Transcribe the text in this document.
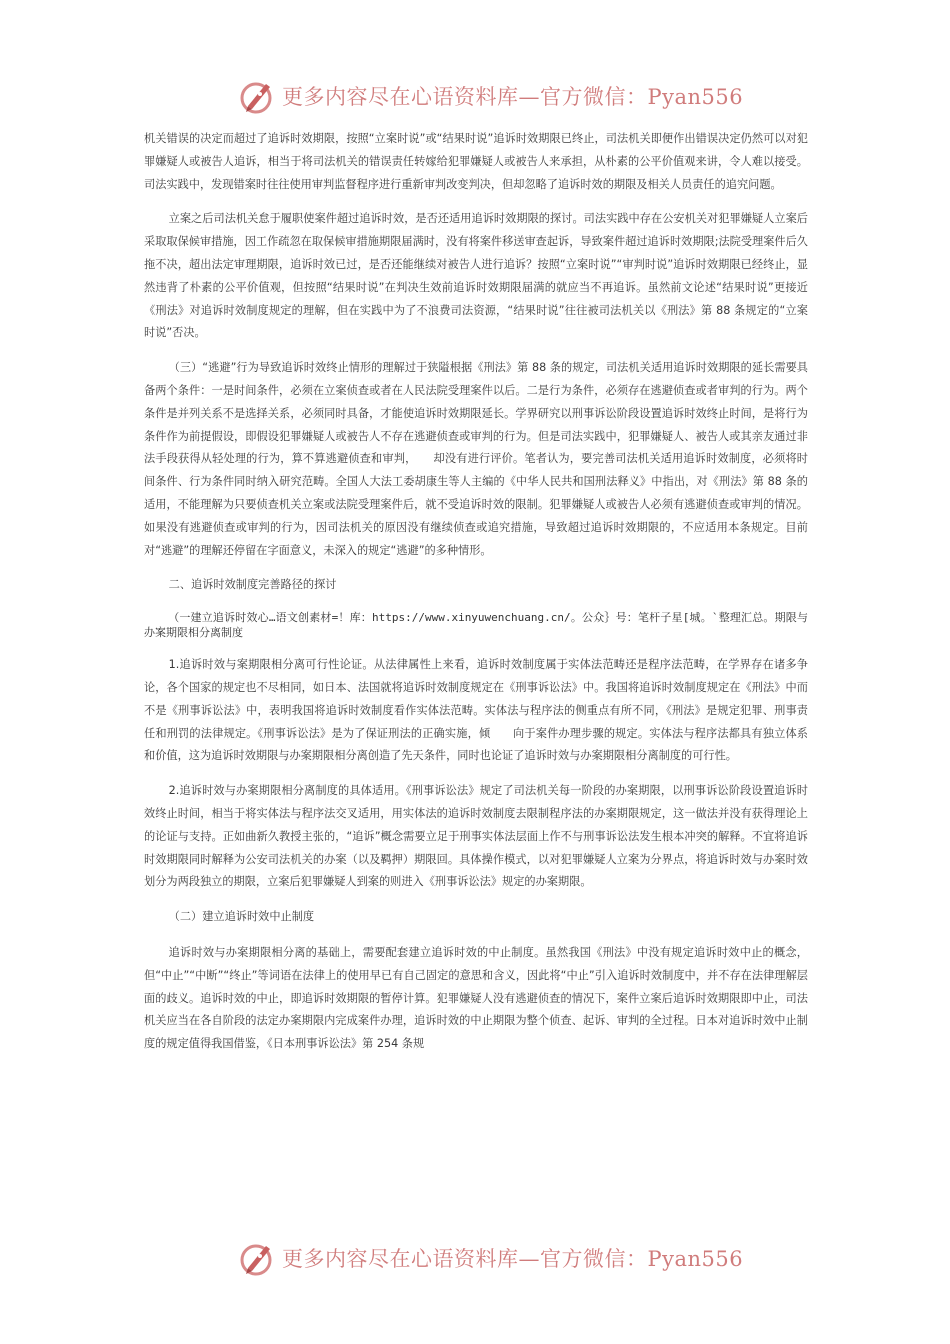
更多内容尽在心语资料库—官方微信：Pyan556

机关错误的决定而超过了追诉时效期限，按照“立案时说”或“结果时说”追诉时效期限已终止，司法机关即便作出错误决定仍然可以对犯罪嫌疑人或被告人追诉，相当于将司法机关的错误责任转嫁给犯罪嫌疑人或被告人来承担，从朴素的公平价值观来讲，令人难以接受。司法实践中，发现错案时往往使用审判监督程序进行重新审判改变判决，但却忽略了追诉时效的期限及相关人员责任的追究问题。

立案之后司法机关怠于履职使案件超过追诉时效，是否还适用追诉时效期限的探讨。司法实践中存在公安机关对犯罪嫌疑人立案后采取取保候审措施，因工作疏忽在取保候审措施期限届满时，没有将案件移送审查起诉，导致案件超过追诉时效期限;法院受理案件后久拖不决，超出法定审理期限，追诉时效已过，是否还能继续对被告人进行追诉？按照“立案时说”“审判时说”追诉时效期限已经终止，显然违背了朴素的公平价值观，但按照“结果时说”在判决生效前追诉时效期限届满的就应当不再追诉。虽然前文论述“结果时说”更接近《刑法》对追诉时效制度规定的理解，但在实践中为了不浪费司法资源，“结果时说”往往被司法机关以《刑法》第 88 条规定的“立案时说”否决。

（三）“逃避”行为导致追诉时效终止情形的理解过于狭隘根据《刑法》第 88 条的规定，司法机关适用追诉时效期限的延长需要具备两个条件：一是时间条件，必须在立案侦查或者在人民法院受理案件以后。二是行为条件，必须存在逃避侦查或者审判的行为。两个条件是并列关系不是选择关系，必须同时具备，才能使追诉时效期限延长。学界研究以刑事诉讼阶段设置追诉时效终止时间，是将行为条件作为前提假设，即假设犯罪嫌疑人或被告人不存在逃避侦查或审判的行为。但是司法实践中，犯罪嫌疑人、被告人或其亲友通过非法手段获得从轻处理的行为，算不算逃避侦查和审判，　　却没有进行评价。笔者认为，要完善司法机关适用追诉时效制度，必须将时间条件、行为条件同时纳入研究范畴。全国人大法工委胡康生等人主编的《中华人民共和国刑法释义》中指出，对《刑法》第 88 条的适用，不能理解为只要侦查机关立案或法院受理案件后，就不受追诉时效的限制。犯罪嫌疑人或被告人必须有逃避侦查或审判的情况。如果没有逃避侦查或审判的行为，因司法机关的原因没有继续侦查或追究措施，导致超过追诉时效期限的，不应适用本条规定。目前对“逃避”的理解还停留在字面意义，未深入的规定“逃避”的多种情形。

二、追诉时效制度完善路径的探讨

（一建立追诉时效心…语文创素材=！库：https://www.xinyuwenchuang.cn/。公众｝号：笔杆子星[城。`整理汇总。期限与办案期限相分离制度

1.追诉时效与案期限相分离可行性论证。从法律属性上来看，追诉时效制度属于实体法范畴还是程序法范畴，在学界存在诸多争论，各个国家的规定也不尽相同，如日本、法国就将追诉时效制度规定在《刑事诉讼法》中。我国将追诉时效制度规定在《刑法》中而不是《刑事诉讼法》中，表明我国将追诉时效制度看作实体法范畴。实体法与程序法的侧重点有所不同，《刑法》是规定犯罪、刑事责任和刑罚的法律规定。《刑事诉讼法》是为了保证刑法的正确实施，倾　　向于案件办理步骤的规定。实体法与程序法都具有独立体系和价值，这为追诉时效期限与办案期限相分离创造了先天条件，同时也论证了追诉时效与办案期限相分离制度的可行性。

2.追诉时效与办案期限相分离制度的具体适用。《刑事诉讼法》规定了司法机关每一阶段的办案期限，以刑事诉讼阶段设置追诉时效终止时间，相当于将实体法与程序法交叉适用，用实体法的追诉时效制度去限制程序法的办案期限规定，这一做法并没有获得理论上的论证与支持。正如曲新久教授主张的，“追诉”概念需要立足于刑事实体法层面上作不与刑事诉讼法发生根本冲突的解释。不宜将追诉时效期限同时解释为公安司法机关的办案（以及羁押）期限回。具体操作模式，以对犯罪嫌疑人立案为分界点，将追诉时效与办案时效划分为两段独立的期限，立案后犯罪嫌疑人到案的则进入《刑事诉讼法》规定的办案期限。

（二）建立追诉时效中止制度

追诉时效与办案期限相分离的基础上，需要配套建立追诉时效的中止制度。虽然我国《刑法》中没有规定追诉时效中止的概念，但“中止”“中断”“终止”等词语在法律上的使用早已有自己固定的意思和含义，因此将“中止”引入追诉时效制度中，并不存在法律理解层面的歧义。追诉时效的中止，即追诉时效期限的暂停计算。犯罪嫌疑人没有逃避侦查的情况下，案件立案后追诉时效期限即中止，司法机关应当在各自阶段的法定办案期限内完成案件办理，追诉时效的中止期限为整个侦查、起诉、审判的全过程。日本对追诉时效中止制度的规定值得我国借鉴，《日本刑事诉讼法》第 254 条规

更多内容尽在心语资料库—官方微信：Pyan556
